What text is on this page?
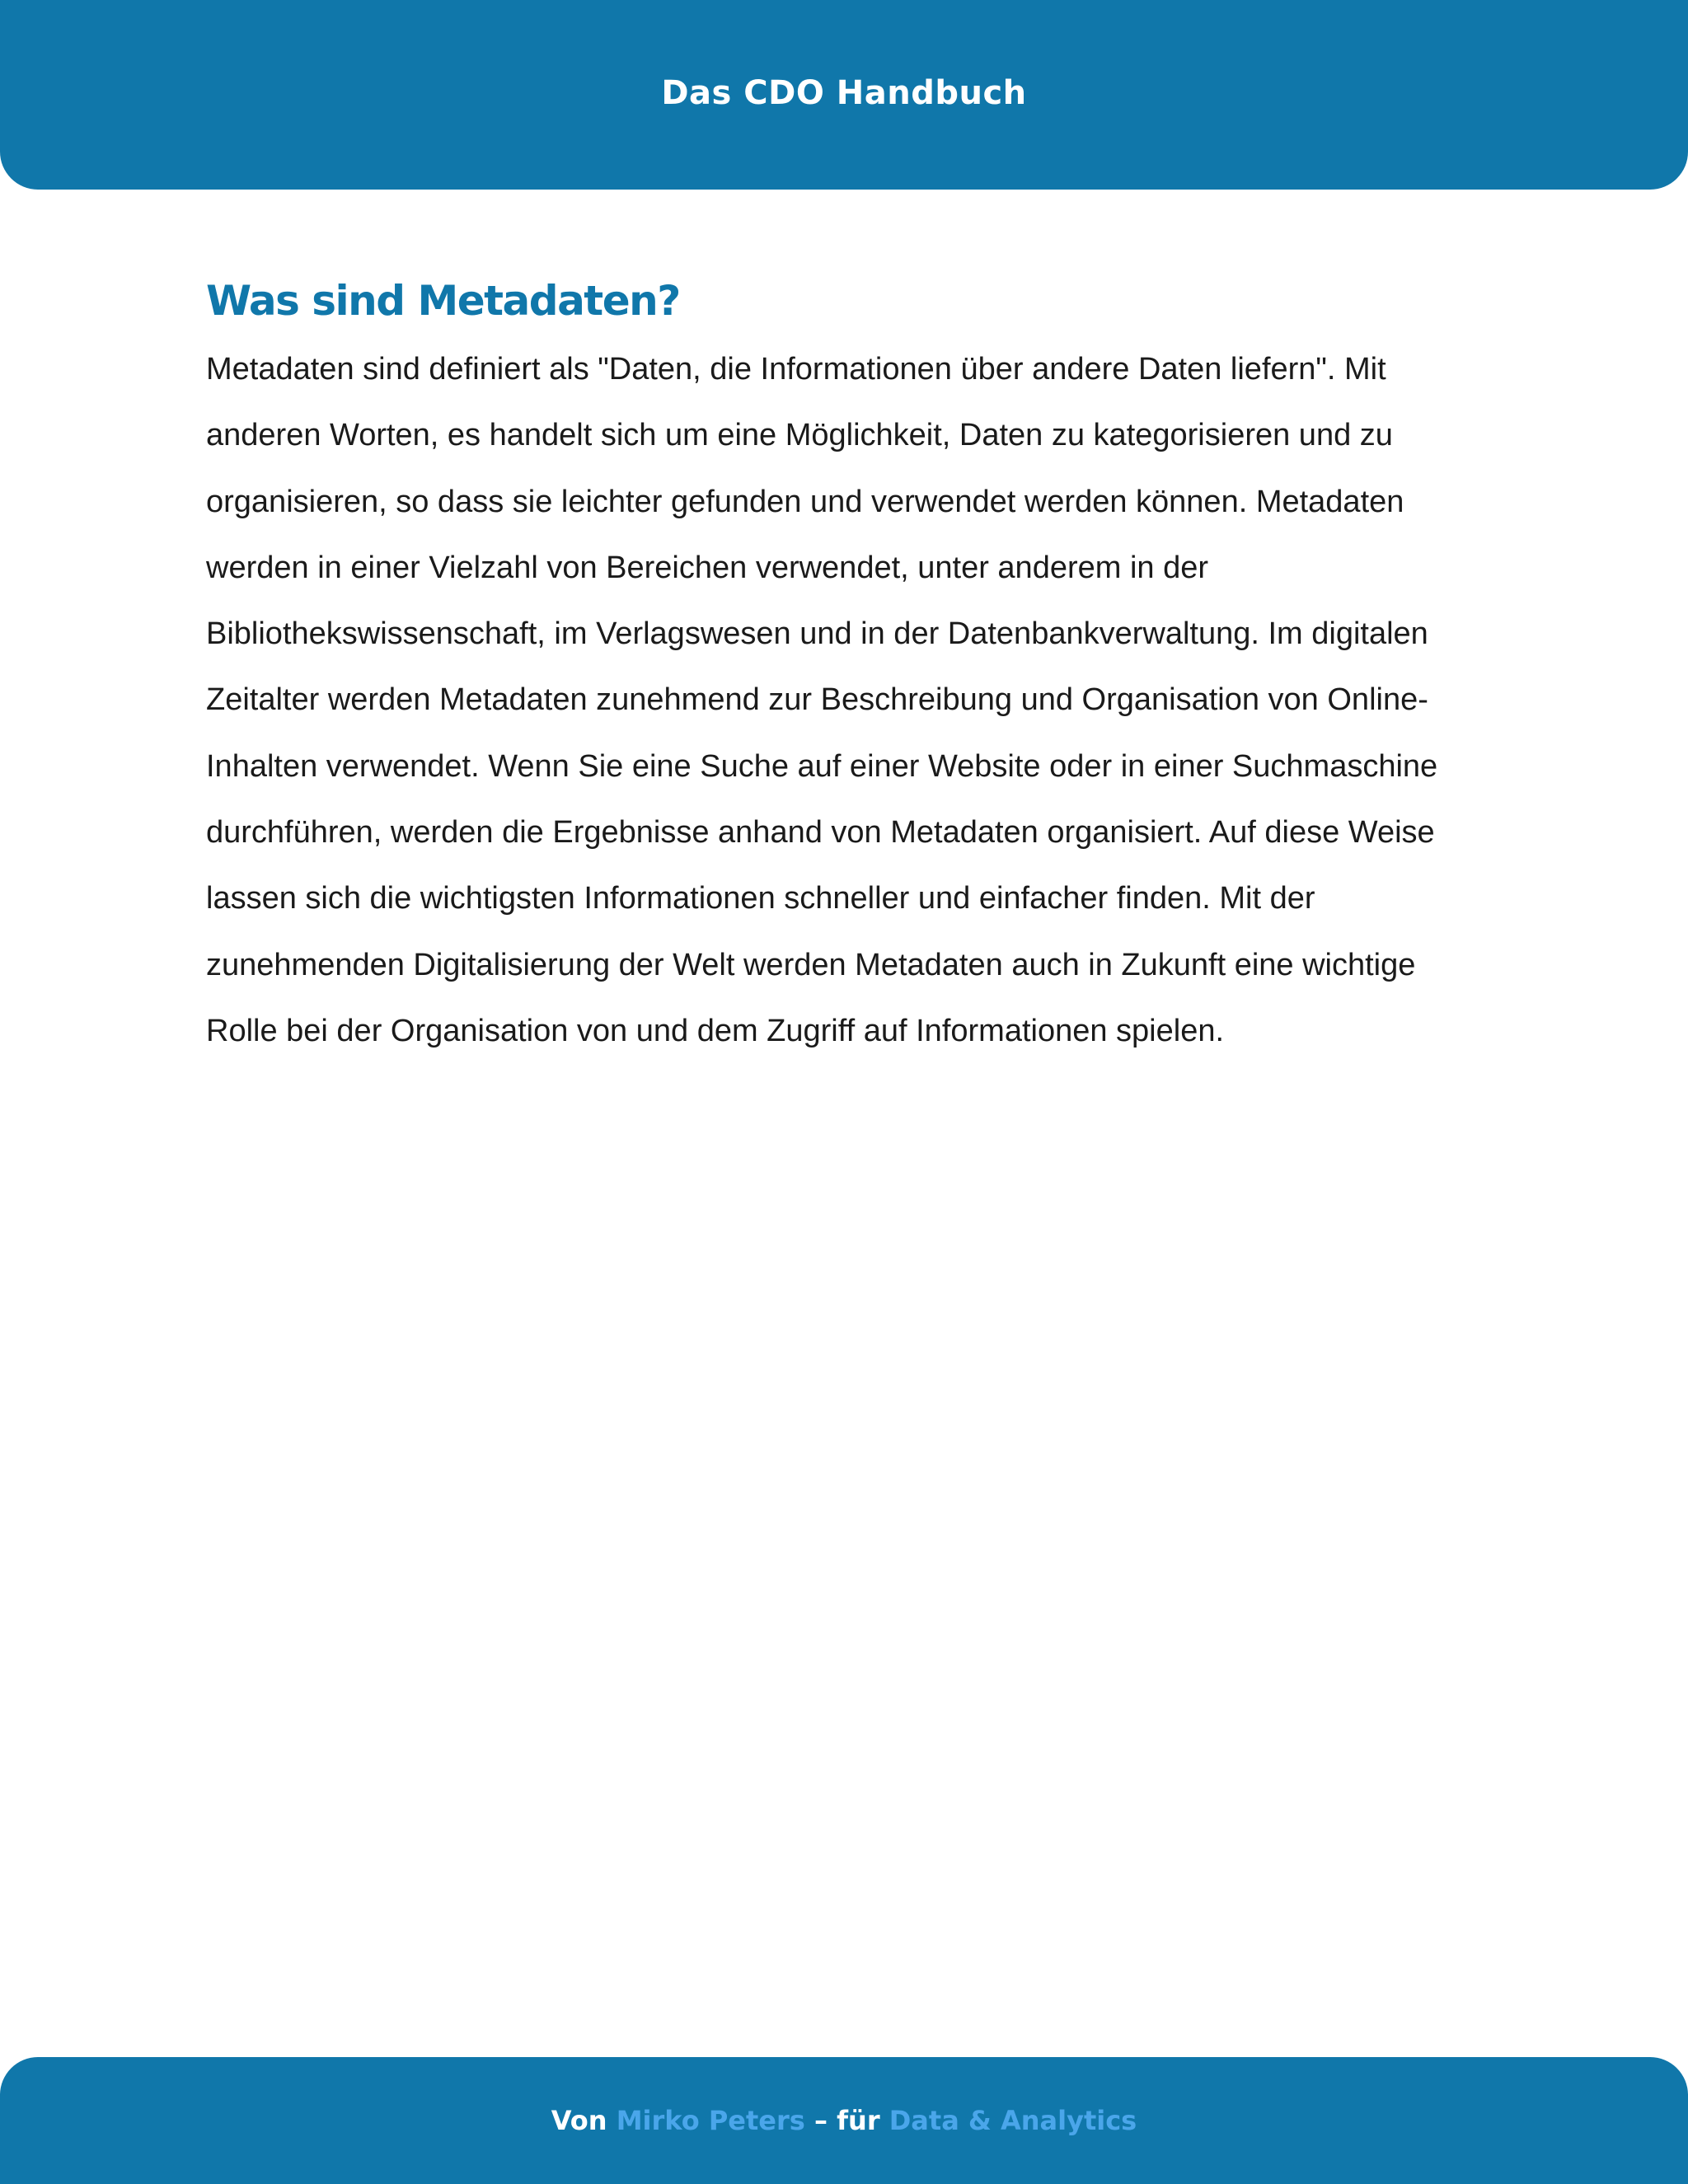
Das CDO Handbuch
Was sind Metadaten?

Metadaten sind definiert als "Daten, die Informationen über andere Daten liefern". Mit
anderen Worten, es handelt sich um eine Möglichkeit, Daten zu kategorisieren und zu
organisieren, so dass sie leichter gefunden und verwendet werden können. Metadaten
werden in einer Vielzahl von Bereichen verwendet, unter anderem in der
Bibliothekswissenschaft, im Verlagswesen und in der Datenbankverwaltung. Im digitalen
Zeitalter werden Metadaten zunehmend zur Beschreibung und Organisation von Online-
Inhalten verwendet. Wenn Sie eine Suche auf einer Website oder in einer Suchmaschine
durchführen, werden die Ergebnisse anhand von Metadaten organisiert. Auf diese Weise
lassen sich die wichtigsten Informationen schneller und einfacher finden. Mit der
zunehmenden Digitalisierung der Welt werden Metadaten auch in Zukunft eine wichtige
Rolle bei der Organisation von und dem Zugriff auf Informationen spielen.

Von Mirko Peters – für Data & Analytics
